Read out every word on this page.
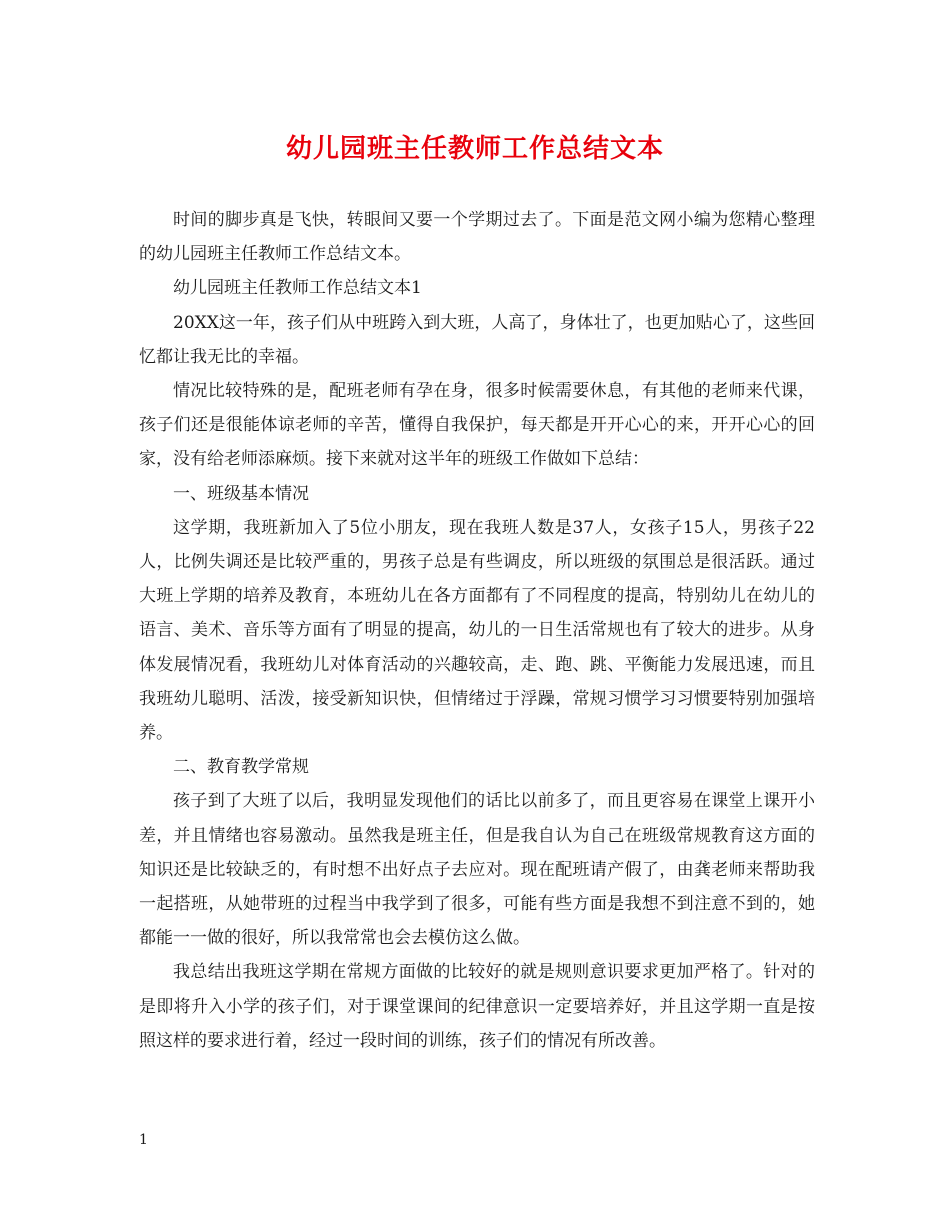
幼儿园班主任教师工作总结文本

时间的脚步真是飞快，转眼间又要一个学期过去了。下面是范文网小编为您精心整理的幼儿园班主任教师工作总结文本。

幼儿园班主任教师工作总结文本1

20XX这一年，孩子们从中班跨入到大班，人高了，身体壮了，也更加贴心了，这些回忆都让我无比的幸福。

情况比较特殊的是，配班老师有孕在身，很多时候需要休息，有其他的老师来代课，孩子们还是很能体谅老师的辛苦，懂得自我保护，每天都是开开心心的来，开开心心的回家，没有给老师添麻烦。接下来就对这半年的班级工作做如下总结：

一、班级基本情况

这学期，我班新加入了5位小朋友，现在我班人数是37人，女孩子15人，男孩子22人，比例失调还是比较严重的，男孩子总是有些调皮，所以班级的氛围总是很活跃。通过大班上学期的培养及教育，本班幼儿在各方面都有了不同程度的提高，特别幼儿在幼儿的语言、美术、音乐等方面有了明显的提高，幼儿的一日生活常规也有了较大的进步。从身体发展情况看，我班幼儿对体育活动的兴趣较高，走、跑、跳、平衡能力发展迅速，而且我班幼儿聪明、活泼，接受新知识快，但情绪过于浮躁，常规习惯学习习惯要特别加强培养。

二、教育教学常规

孩子到了大班了以后，我明显发现他们的话比以前多了，而且更容易在课堂上课开小差，并且情绪也容易激动。虽然我是班主任，但是我自认为自己在班级常规教育这方面的知识还是比较缺乏的，有时想不出好点子去应对。现在配班请产假了，由龚老师来帮助我一起搭班，从她带班的过程当中我学到了很多，可能有些方面是我想不到注意不到的，她都能一一做的很好，所以我常常也会去模仿这么做。

我总结出我班这学期在常规方面做的比较好的就是规则意识要求更加严格了。针对的是即将升入小学的孩子们，对于课堂课间的纪律意识一定要培养好，并且这学期一直是按照这样的要求进行着，经过一段时间的训练，孩子们的情况有所改善。

1
